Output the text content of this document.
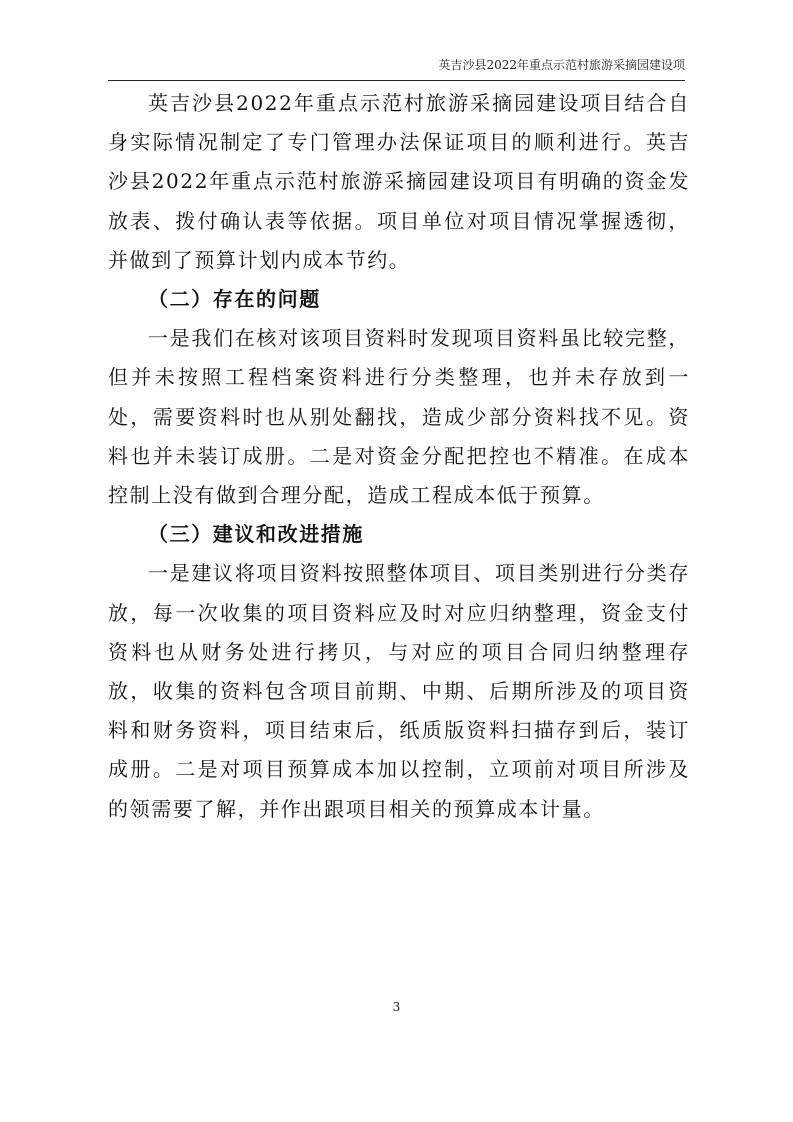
英吉沙县2022年重点示范村旅游采摘园建设项

英吉沙县2022年重点示范村旅游采摘园建设项目结合自身实际情况制定了专门管理办法保证项目的顺利进行。英吉沙县2022年重点示范村旅游采摘园建设项目有明确的资金发放表、拨付确认表等依据。项目单位对项目情况掌握透彻，并做到了预算计划内成本节约。

（二）存在的问题

一是我们在核对该项目资料时发现项目资料虽比较完整，但并未按照工程档案资料进行分类整理，也并未存放到一处，需要资料时也从别处翻找，造成少部分资料找不见。资料也并未装订成册。二是对资金分配把控也不精准。在成本控制上没有做到合理分配，造成工程成本低于预算。

（三）建议和改进措施

一是建议将项目资料按照整体项目、项目类别进行分类存放，每一次收集的项目资料应及时对应归纳整理，资金支付资料也从财务处进行拷贝，与对应的项目合同归纳整理存放，收集的资料包含项目前期、中期、后期所涉及的项目资料和财务资料，项目结束后，纸质版资料扫描存到后，装订成册。二是对项目预算成本加以控制，立项前对项目所涉及的领需要了解，并作出跟项目相关的预算成本计量。

3
